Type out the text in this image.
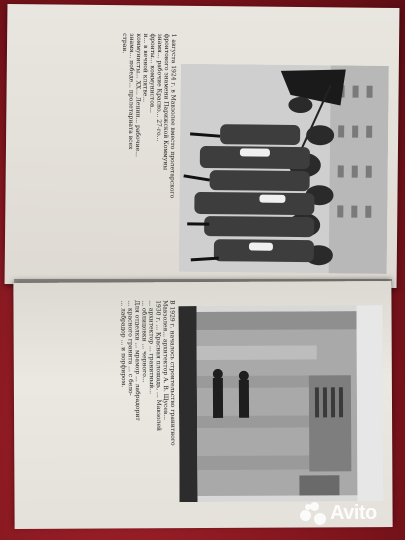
1 августа 1924 г. в Мавзолее вместо пролетарского
фронтового знамени Парижской Коммуны
знамя... рабочие Красно... 27-го...
фронты... коммунистов...
и... в вечной клятве...
коммунисты... XX... Ленин... рабочие...
знамя... победе... пролетариата всех
стран.
В 1929 г. началось строительство гранитного
Мавзолея... архитектор А. В. Щусев...
1930 г. ... Красная площадь, ... Мавзолей
... архитектор ... гранитный...
... облицовки ... черного...
Для отделки ... мрамор ... лабрадорит
... красного гранита ... с бело-
... лабрадор ... и порфиром.
Avito
